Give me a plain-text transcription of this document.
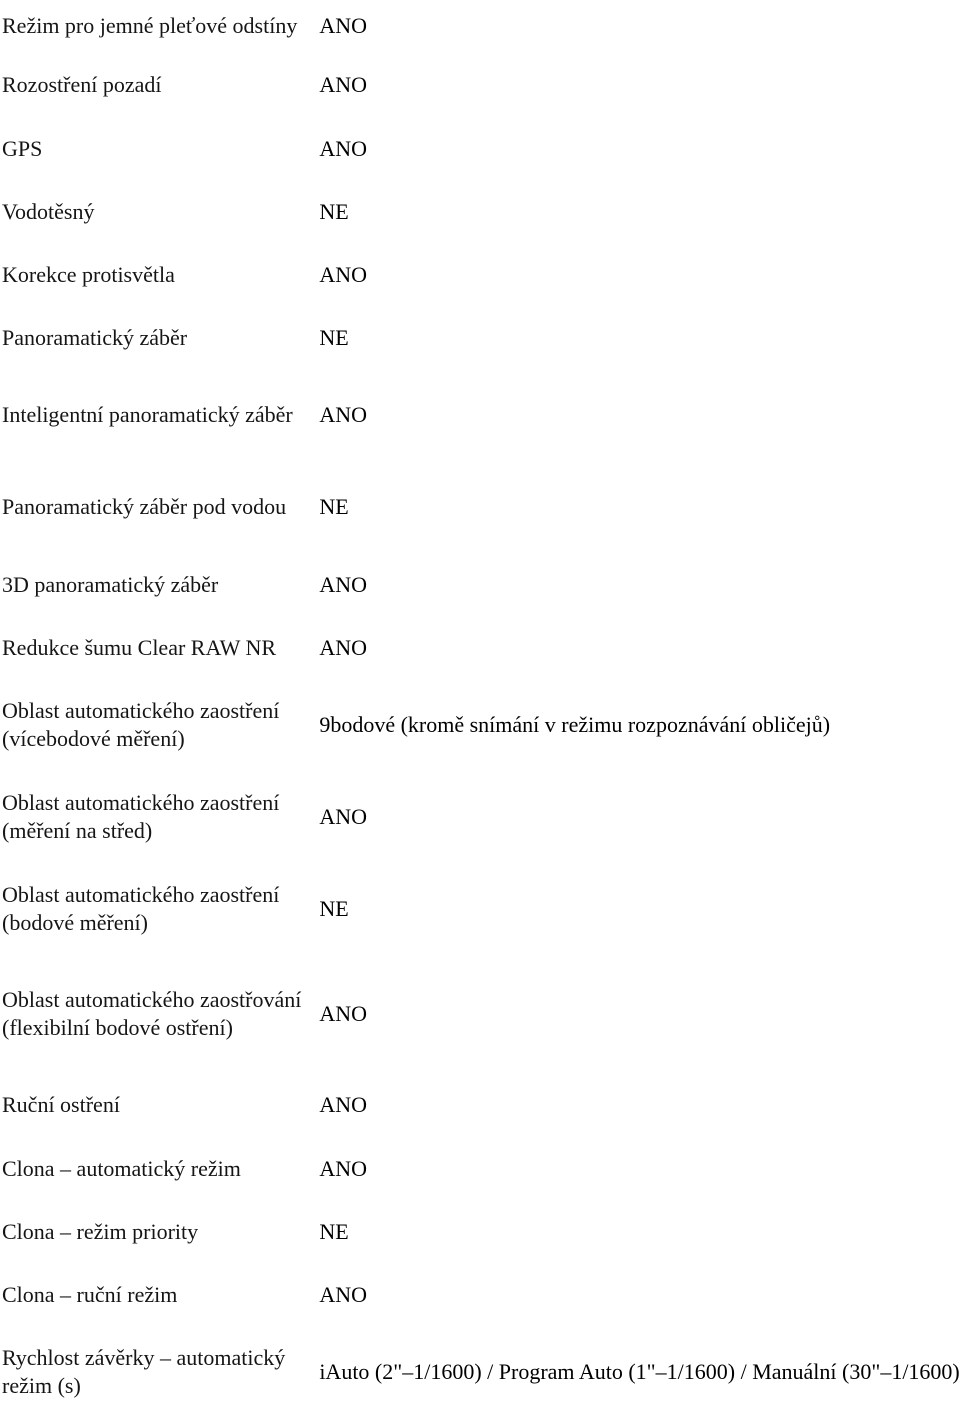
Režim pro jemné pleťové odstíny	ANO
Rozostření pozadí	ANO
GPS	ANO
Vodotěsný	NE
Korekce protisvětla	ANO
Panoramatický záběr	NE
Inteligentní panoramatický záběr	ANO
Panoramatický záběr pod vodou	NE
3D panoramatický záběr	ANO
Redukce šumu Clear RAW NR	ANO
Oblast automatického zaostření (vícebodové měření)	9bodové (kromě snímání v režimu rozpoznávání obličejů)
Oblast automatického zaostření (měření na střed)	ANO
Oblast automatického zaostření (bodové měření)	NE
Oblast automatického zaostřování (flexibilní bodové ostření)	ANO
Ruční ostření	ANO
Clona – automatický režim	ANO
Clona – režim priority	NE
Clona – ruční režim	ANO
Rychlost závěrky – automatický režim (s)	iAuto (2"–1/1600) / Program Auto (1"–1/1600) / Manuální (30"–1/1600)
